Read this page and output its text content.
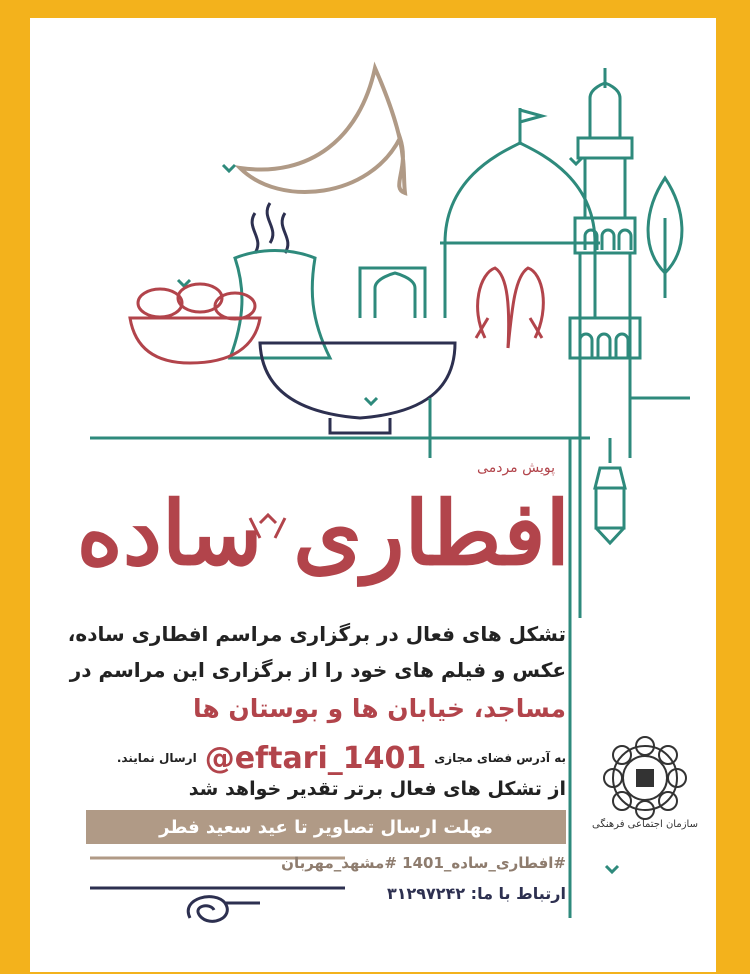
پویش مردمی
افطاری ساده
تشکل های فعال در برگزاری مراسم افطاری ساده،
عکس و فیلم های خود را از برگزاری این مراسم در
مساجد، خیابان ها و بوستان ها
به آدرس فضای مجازی
@eftari_1401
ارسال نمایند.
از تشکل های فعال برتر تقدیر خواهد شد
مهلت ارسال تصاویر تا عید سعید فطر
#افطاری_ساده_1401 #مشهد_مهربان
ارتباط با ما: ۳۱۲۹۷۲۴۲
سازمان اجتماعی فرهنگی
